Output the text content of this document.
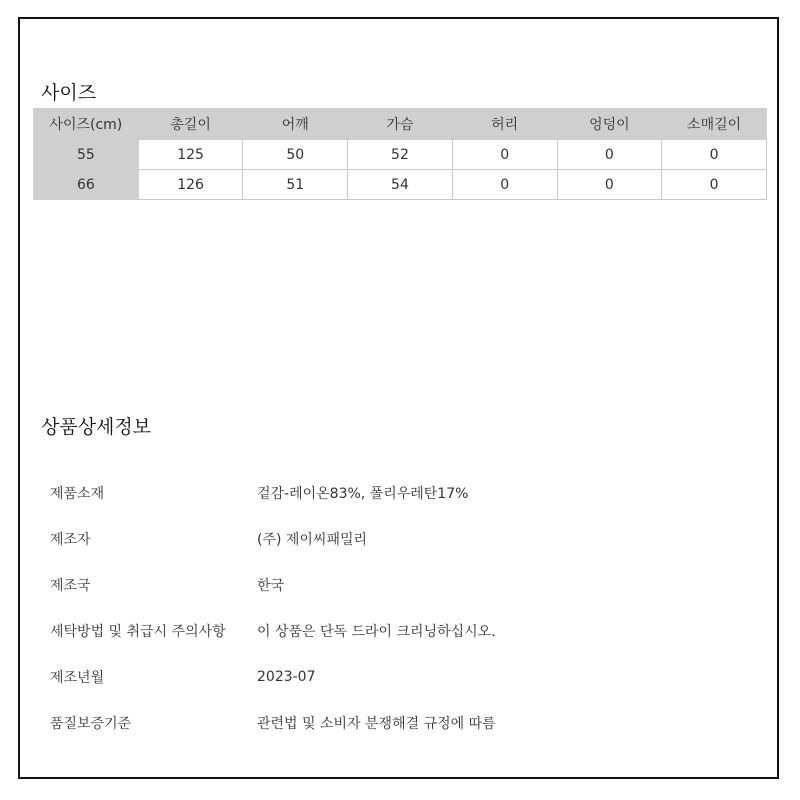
사이즈
사이즈(cm)	총길이	어깨	가슴	허리	엉덩이	소매길이
55	125	50	52	0	0	0
66	126	51	54	0	0	0
상품상세정보
제품소재	겉감-레이온83%, 폴리우레탄17%
제조자	(주) 제이씨패밀리
제조국	한국
세탁방법 및 취급시 주의사항	이 상품은 단독 드라이 크리닝하십시오.
제조년월	2023-07
품질보증기준	관련법 및 소비자 분쟁해결 규정에 따름
